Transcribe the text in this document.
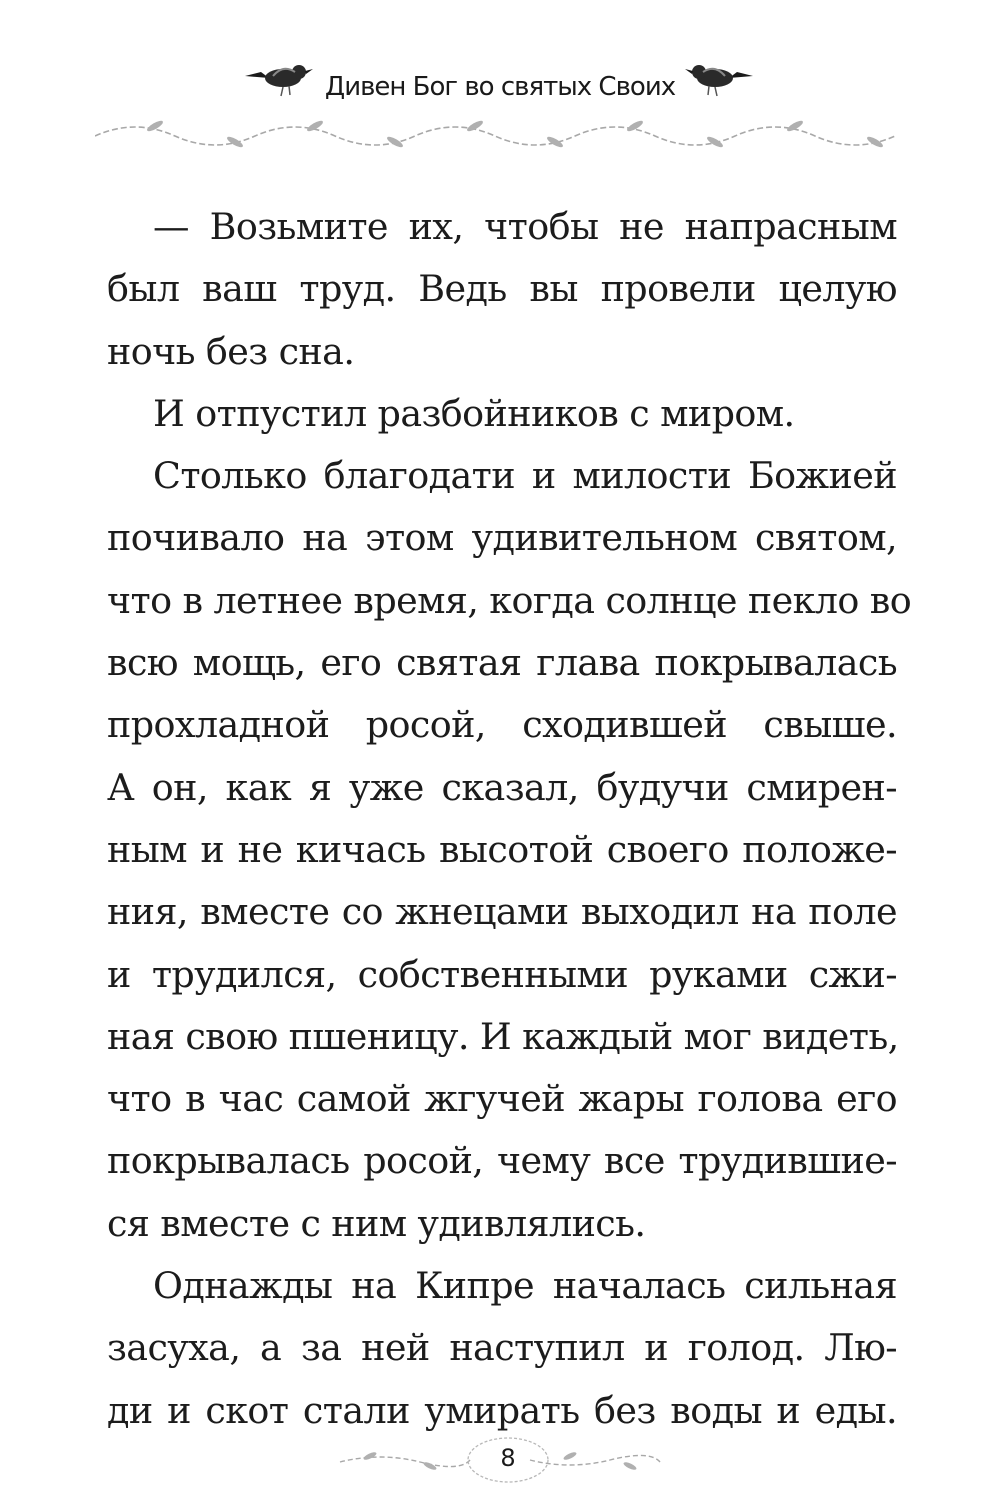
Дивен Бог во святых Своих

— Возьмите их, чтобы не напрасным
был ваш труд. Ведь вы провели целую
ночь без сна.

И отпустил разбойников с миром.

Столько благодати и милости Божией
почивало на этом удивительном святом,
что в летнее время, когда солнце пекло во
всю мощь, его святая глава покрывалась
прохладной росой, сходившей свыше.
А он, как я уже сказал, будучи смирен-
ным и не кичась высотой своего положе-
ния, вместе со жнецами выходил на поле
и трудился, собственными руками сжи-
ная свою пшеницу. И каждый мог видеть,
что в час самой жгучей жары голова его
покрывалась росой, чему все трудившие-
ся вместе с ним удивлялись.

Однажды на Кипре началась сильная
засуха, а за ней наступил и голод. Лю-
ди и скот стали умирать без воды и еды.

8
